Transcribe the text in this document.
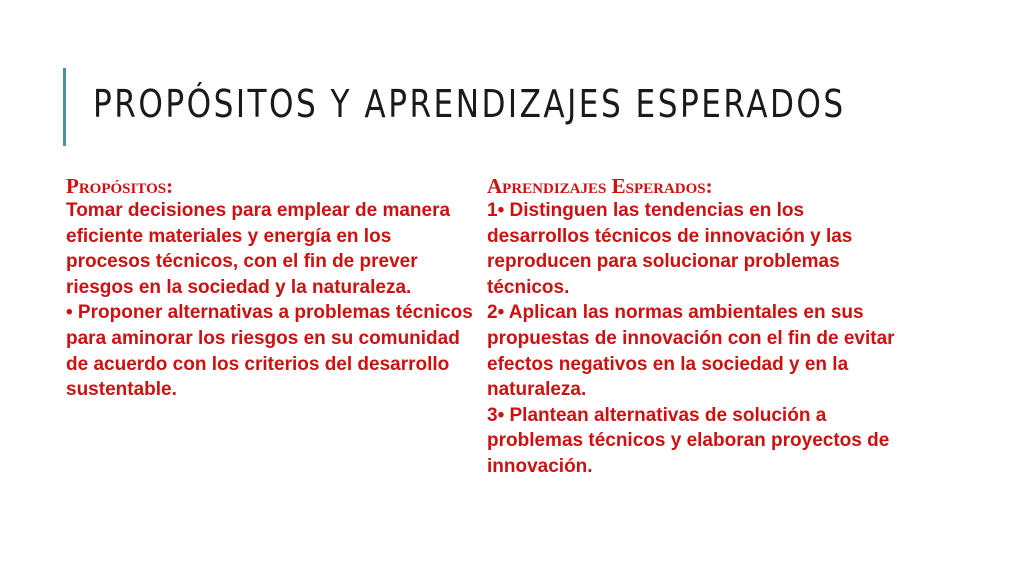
PROPÓSITOS Y APRENDIZAJES ESPERADOS

Propósitos:

Tomar decisiones para emplear de manera eficiente materiales y energía en los procesos técnicos, con el fin de prever riesgos en la sociedad y la naturaleza.

• Proponer alternativas a problemas técnicos para aminorar los riesgos en su comunidad de acuerdo con los criterios del desarrollo sustentable.

Aprendizajes Esperados:

1• Distinguen las tendencias en los desarrollos técnicos de innovación y las reproducen para solucionar problemas técnicos.

2• Aplican las normas ambientales en sus propuestas de innovación con el fin de evitar efectos negativos en la sociedad y en la naturaleza.

3• Plantean alternativas de solución a problemas técnicos y elaboran proyectos de innovación.
